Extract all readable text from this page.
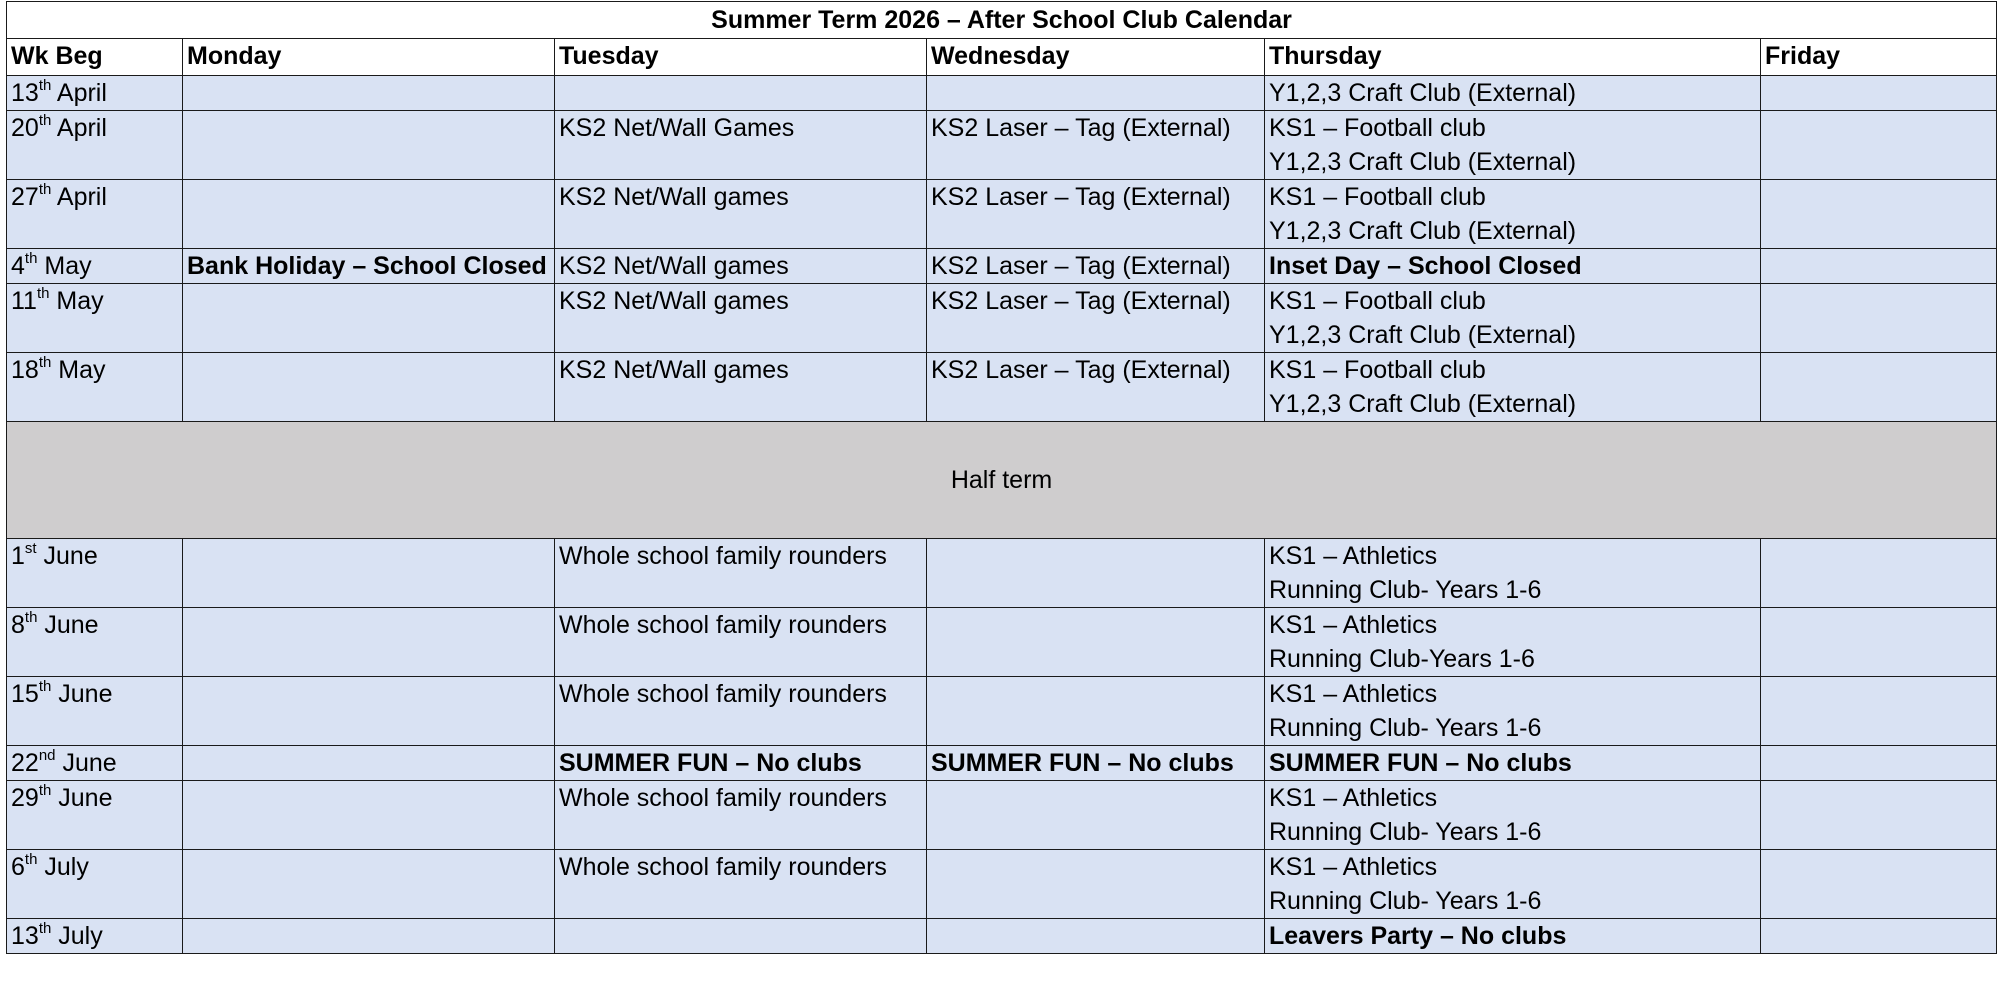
Summer Term 2026 – After School Club Calendar					
Wk Beg	Monday	Tuesday	Wednesday	Thursday	Friday
13th April				Y1,2,3 Craft Club (External)	

20th April		KS2 Net/Wall Games	KS2 Laser – Tag (External)	KS1 – Football club
Y1,2,3 Craft Club (External)	

27th April		KS2 Net/Wall games	KS2 Laser – Tag (External)	KS1 – Football club
Y1,2,3 Craft Club (External)	

4th May	Bank Holiday – School Closed	KS2 Net/Wall games	KS2 Laser – Tag (External)	Inset Day – School Closed	

11th May		KS2 Net/Wall games	KS2 Laser – Tag (External)	KS1 – Football club
Y1,2,3 Craft Club (External)	

18th May		KS2 Net/Wall games	KS2 Laser – Tag (External)	KS1 – Football club
Y1,2,3 Craft Club (External)	

Half term					
1st June		Whole school family rounders		KS1 – Athletics
Running Club- Years 1-6	

8th June		Whole school family rounders		KS1 – Athletics
Running Club-Years 1-6	

15th June		Whole school family rounders		KS1 – Athletics
Running Club- Years 1-6	

22nd June		SUMMER FUN – No clubs	SUMMER FUN – No clubs	SUMMER FUN – No clubs	

29th June		Whole school family rounders		KS1 – Athletics
Running Club- Years 1-6	

6th July		Whole school family rounders		KS1 – Athletics
Running Club- Years 1-6	

13th July				Leavers Party – No clubs	
